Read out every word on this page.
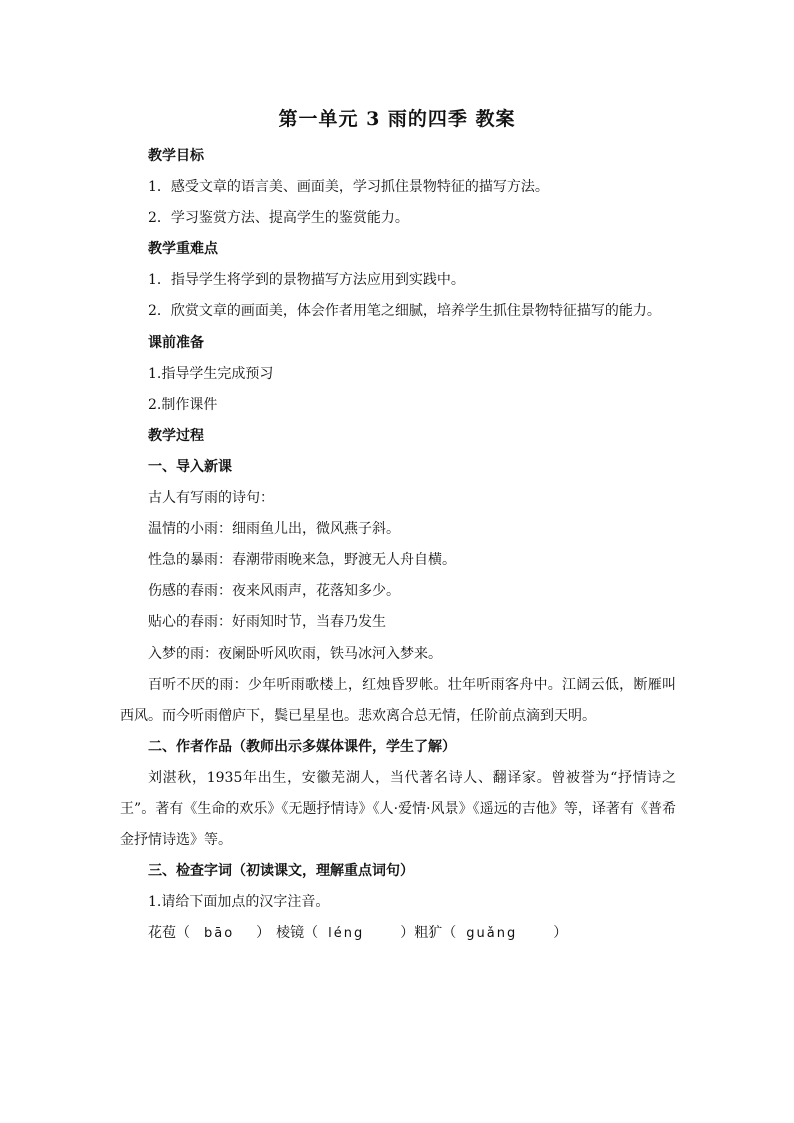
第一单元 3 雨的四季 教案

教学目标

1．感受文章的语言美、画面美，学习抓住景物特征的描写方法。

2．学习鉴赏方法、提高学生的鉴赏能力。

教学重难点

1．指导学生将学到的景物描写方法应用到实践中。

2．欣赏文章的画面美，体会作者用笔之细腻，培养学生抓住景物特征描写的能力。

课前准备

1.指导学生完成预习

2.制作课件

教学过程

一、导入新课

古人有写雨的诗句：

温情的小雨：细雨鱼儿出，微风燕子斜。

性急的暴雨：春潮带雨晚来急，野渡无人舟自横。

伤感的春雨：夜来风雨声，花落知多少。

贴心的春雨：好雨知时节，当春乃发生

入梦的雨：夜阑卧听风吹雨，铁马冰河入梦来。

百听不厌的雨：少年听雨歌楼上，红烛昏罗帐。壮年听雨客舟中。江阔云低，断雁叫西风。而今听雨僧庐下，鬓已星星也。悲欢离合总无情，任阶前点滴到天明。

二、作者作品（教师出示多媒体课件，学生了解）

刘湛秋，1935年出生，安徽芜湖人，当代著名诗人、翻译家。曾被誉为“抒情诗之王”。著有《生命的欢乐》《无题抒情诗》《人·爱情·风景》《遥远的吉他》等，译著有《普希金抒情诗选》等。

三、检查字词（初读课文，理解重点词句）

1.请给下面加点的汉字注音。

花苞（ bāo ） 棱镜（ léng	）粗犷（ guǎng	）
